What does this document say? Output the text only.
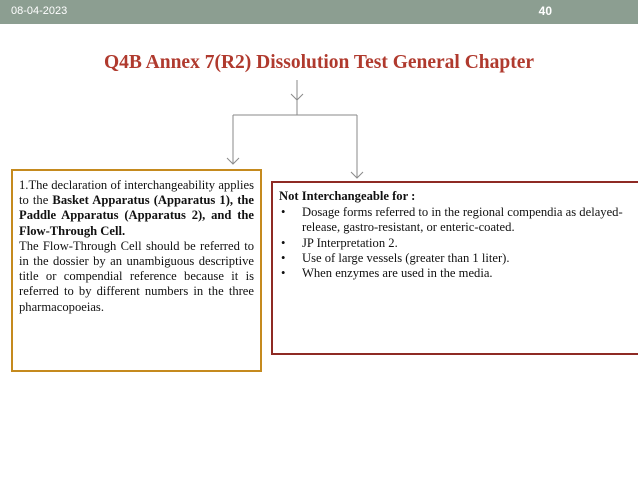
08-04-2023	40
Q4B Annex 7(R2) Dissolution Test General Chapter

1.The declaration of interchangeability applies to the Basket Apparatus (Apparatus 1), the Paddle Apparatus (Apparatus 2), and the Flow-Through Cell.

The Flow-Through Cell should be referred to in the dossier by an unambiguous descriptive title or compendial reference because it is referred to by different numbers in the three pharmacopoeias.

Not Interchangeable for :
• Dosage forms referred to in the regional compendia as delayed-release, gastro-resistant, or enteric-coated.
• JP Interpretation 2.
• Use of large vessels (greater than 1 liter).
• When enzymes are used in the media.
